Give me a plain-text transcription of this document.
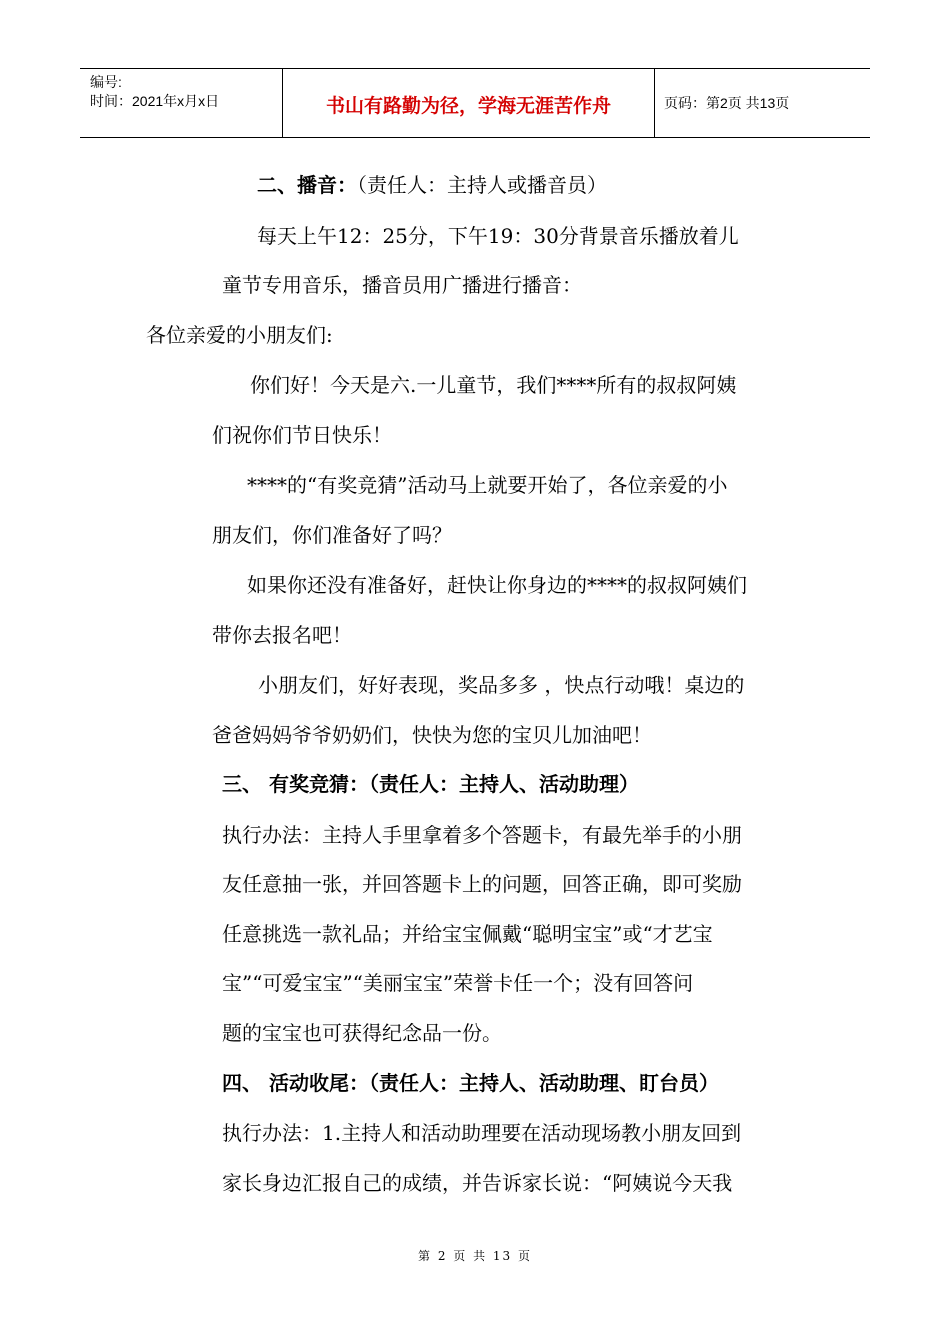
编号:
时间：2021年x月x日	书山有路勤为径，学海无涯苦作舟	页码：第2页 共13页
二、播音：（责任人：主持人或播音员）
每天上午12：25分，下午19：30分背景音乐播放着儿
童节专用音乐，播音员用广播进行播音：
各位亲爱的小朋友们:
你们好！今天是六.一儿童节，我们****所有的叔叔阿姨
们祝你们节日快乐！
****的“有奖竞猜”活动马上就要开始了，各位亲爱的小
朋友们，你们准备好了吗？
如果你还没有准备好，赶快让你身边的****的叔叔阿姨们
带你去报名吧！
小朋友们，好好表现，奖品多多 ，快点行动哦！桌边的
爸爸妈妈爷爷奶奶们，快快为您的宝贝儿加油吧！
三、 有奖竞猜：（责任人：主持人、活动助理）
执行办法：主持人手里拿着多个答题卡，有最先举手的小朋
友任意抽一张，并回答题卡上的问题，回答正确，即可奖励
任意挑选一款礼品；并给宝宝佩戴“聪明宝宝”或“才艺宝
宝”“可爱宝宝”“美丽宝宝”荣誉卡任一个；没有回答问
题的宝宝也可获得纪念品一份。
四、 活动收尾：（责任人：主持人、活动助理、盯台员）
执行办法：1.主持人和活动助理要在活动现场教小朋友回到
家长身边汇报自己的成绩，并告诉家长说：“阿姨说今天我
第 2 页 共 13 页
